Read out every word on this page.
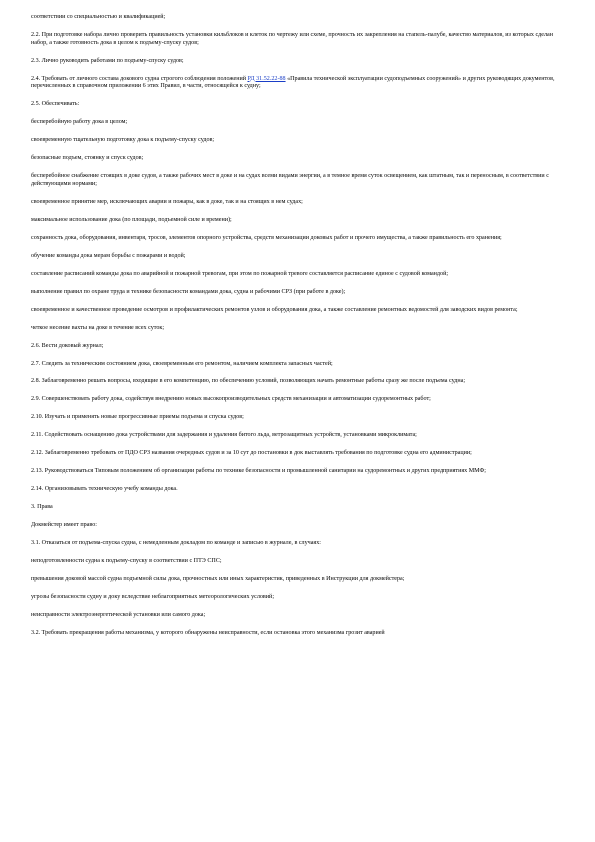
соответствии со специальностью и квалификацией;

2.2. При подготовке набора лично проверить правильность установки кильблоков и клеток по чертежу или схеме, прочность их закрепления на стапель-палубе, качество материалов, из которых сделан набор, а также готовность дока в целом к подъему-спуску судов;

2.3. Лично руководить работами по подъему-спуску судов;

2.4. Требовать от личного состава докового судна строгого соблюдения положений РД 31.52.22-88 «Правила технической эксплуатации судоподъемных сооружений» и других руководящих документов, перечисленных в справочном приложении 6 этих Правил, в части, относящейся к судну;

2.5. Обеспечивать:

бесперебойную работу дока в целом;

своевременную тщательную подготовку дока к подъему-спуску судов;

безопасные подъем, стоянку и спуск судов;

бесперебойное снабжение стоящих в доке судов, а также рабочих мест в доке и на судах всеми видами энергии, а в темное время суток освещением, как штатным, так и переносным, в соответствии с действующими нормами;

своевременное принятие мер, исключающих аварии и пожары, как в доке, так и на стоящих в нем судах;

максимальное использование дока (по площади, подъемной силе и времени);

сохранность дока, оборудования, инвентаря, тросов, элементов опорного устройства, средств механизации доковых работ и прочего имущества, а также правильность его хранения;

обучение команды дока мерам борьбы с пожарами и водой;

составление расписаний команды дока по аварийной и пожарной тревогам, при этом по пожарной тревоге составляется расписание единое с судовой командой;

выполнение правил по охране труда и технике безопасности командами дока, судна и рабочими СРЗ (при работе в доке);

своевременное и качественное проведение осмотров и профилактических ремонтов узлов и оборудования дока, а также составление ремонтных ведомостей для заводских видов ремонта;

четкое несение вахты на доке в течение всех суток;

2.6. Вести доковый журнал;

2.7. Следить за техническим состоянием дока, своевременным его ремонтом, наличием комплекта запасных частей;

2.8. Заблаговременно решать вопросы, входящие в его компетенцию, по обеспечению условий, позволяющих начать ремонтные работы сразу же после подъема судна;

2.9. Совершенствовать работу дока, содействуя внедрению новых высокопроизводительных средств механизации и автоматизации судоремонтных работ;

2.10. Изучать и применять новые прогрессивные приемы подъема и спуска судов;

2.11. Содействовать оснащению дока устройствами для задержания и удаления битого льда, ветрозащитных устройств, установками микроклимата;

2.12. Заблаговременно требовать от ПДО СРЗ названия очередных судов и за 10 сут до постановки в док выставлять требования по подготовке судна его администрации;

2.13. Руководствоваться Типовым положением об организации работы по технике безопасности и промышленной санитарии на судоремонтных и других предприятиях ММФ;

2.14. Организовывать техническую учебу команды дока.

3. Права

Докмейстер имеет право:

3.1. Отказаться от подъема-спуска судна, с немедленным докладом по команде и записью в журнале, в случаях:

неподготовленности судна к подъему-спуску в соответствии с ПТЭ СПС;

превышения доковой массой судна подъемной силы дока, прочностных или иных характеристик, приведенных в Инструкции для докмейстера;

угрозы безопасности судну и доку вследствие неблагоприятных метеорологических условий;

неисправности электроэнергетической установки или самого дока;

3.2. Требовать прекращения работы механизма, у которого обнаружены неисправности, если остановка этого механизма грозит аварией
